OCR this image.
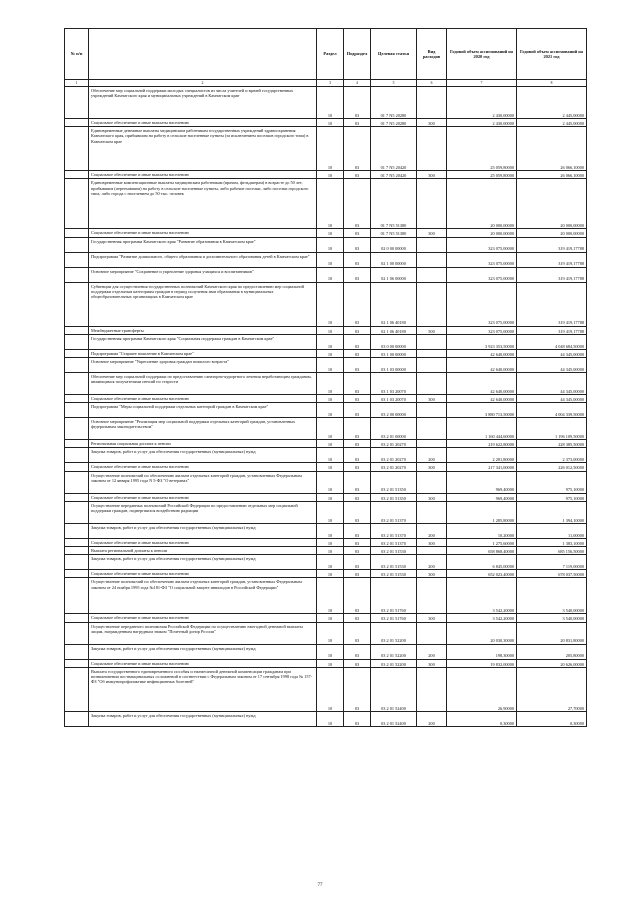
№ п/п		Раздел	Подраздел	Целевая статья	Вид расходов	Годовой объем ассигнований на 2020 год	Годовой объем ассигнований на 2021 год
1	2	3	4	5	6	7	8
	Обеспечение мер социальной поддержки молодых специалистов из числа учителей и врачей государственных учреждений Камчатского края и муниципальных учреждений в Камчатском крае	10	03	01 7 N5 20280		2 430,00000	2 445,00000
	Социальное обеспечение и иные выплаты населению	10	03	01 7 N5 20280	300	2 430,00000	2 445,00000
	Единовременные денежные выплаты медицинским работникам государственных учреждений здравоохранения Камчатского края, прибывшим на работу в сельские населенные пункты (за исключением поселков городского типа) в Камчатском крае	10	03	01 7 N5 20420		25 059,80000	26 066,10000
	Социальное обеспечение и иные выплаты населению	10	03	01 7 N5 20420	300	25 059,80000	26 066,10000
	Единовременные компенсационные выплаты медицинским работникам (врачам, фельдшерам) в возрасте до 50 лет, прибывшим (переехавшим) на работу в сельские населенные пункты, либо рабочие поселки, либо поселки городского типа, либо города с населением до 50 тыс. человек	10	03	01 7 N5 51380		20 000,00000	20 000,00000
	Социальное обеспечение и иные выплаты населению	10	03	01 7 N5 51380	300	20 000,00000	20 000,00000
	Государственная программа Камчатского края "Развитие образования в Камчатском крае"	10	03	02 0 00 00000		323 075,00000	319 419,17788
	Подпрограмма "Развитие дошкольного, общего образования и дополнительного образования детей в Камчатском крае"	10	03	02 1 00 00000		323 075,00000	319 419,17788
	Основное мероприятие "Сохранение и укрепление здоровья учащихся и воспитанников"	10	03	02 1 06 00000		323 075,00000	319 419,17788
	Субвенции для осуществления государственных полномочий Камчатского края по предоставлению мер социальной поддержки отдельным категориям граждан в период получения ими образования в муниципальных общеобразовательных организациях в Камчатском крае	10	03	02 1 06 40180		323 075,00000	319 419,17788
	Межбюджетные трансферты	10	03	02 1 06 40180	500	323 075,00000	319 419,17788
	Государственная программа Камчатского края "Социальная поддержка граждан в Камчатском крае"	10	03	03 0 00 00000		3 923 353,50000	4 048 684,50000
	Подпрограмма "Старшее поколение в Камчатском крае"	10	03	03 1 00 00000		42 640,00000	44 345,00000
	Основное мероприятие "Укрепление здоровья граждан пожилого возраста"	10	03	03 1 03 00000		42 640,00000	44 345,00000
	Обеспечение мер социальной поддержки по предоставлению санаторно-курортного лечения неработающим гражданам, являющимся получателями пенсий по старости	10	03	03 1 03 20070		42 640,00000	44 345,00000
	Социальное обеспечение и иные выплаты населению	10	03	03 1 03 20070	300	42 640,00000	44 345,00000
	Подпрограмма "Меры социальной поддержки отдельных категорий граждан в Камчатском крае"	10	03	03 2 00 00000		3 880 713,50000	4 004 339,50000
	Основное мероприятие "Реализация мер социальной поддержки отдельных категорий граждан, установленных федеральным законодательством"	10	03	03 2 01 00000		1 160 444,60000	1 196 109,50000
	Региональная социальная доплата к пенсии	10	03	03 2 01 20270		219 622,80000	228 385,50000
	Закупка товаров, работ и услуг для обеспечения государственных (муниципальных) нужд	10	03	03 2 01 20270	200	2 281,80000	2 373,00000
	Социальное обеспечение и иные выплаты населению	10	03	03 2 01 20270	300	217 341,00000	226 012,50000
	Осуществление полномочий по обеспечению жильем отдельных категорий граждан, установленных Федеральным законом от 12 января 1995 года N 5-ФЗ "О ветеранах"	10	03	03 2 01 51350		969,40000	975,10000
	Социальное обеспечение и иные выплаты населению	10	03	03 2 01 51350	300	969,40000	975,10000
	Осуществление переданных полномочий Российской Федерации по предоставлению отдельных мер социальной поддержки граждан, подвергшихся воздействию радиации	10	03	03 2 01 51370		1 285,80000	1 394,10000
	Закупка товаров, работ и услуг для обеспечения государственных (муниципальных) нужд	10	03	03 2 01 51370	200	10,20000	11,00000
	Социальное обеспечение и иные выплаты населению	10	03	03 2 01 51370	300	1 275,60000	1 383,10000
	Выплата региональной доплаты к пенсии	10	03	03 2 01 51530		658 868,40000	685 156,50000
	Закупка товаров, работ и услуг для обеспечения государственных (муниципальных) нужд	10	03	03 2 01 51530	200	6 845,00000	7 119,00000
	Социальное обеспечение и иные выплаты населению	10	03	03 2 01 51530	300	652 023,40000	678 037,50000
	Осуществление полномочий по обеспечению жильем отдельных категорий граждан, установленных Федеральным законом от 24 ноября 1995 года №181-ФЗ "О социальной защите инвалидов в Российской Федерации"	10	03	03 2 01 51760		3 542,20000	3 540,00000
	Социальное обеспечение и иные выплаты населению	10	03	03 2 01 51760	300	3 542,20000	3 540,00000
	Осуществление переданного полномочия Российской Федерации по осуществлению ежегодной денежной выплаты лицам, награжденным нагрудным знаком "Почетный донор России"	10	03	03 2 01 52200		20 030,30000	20 831,80000
	Закупка товаров, работ и услуг для обеспечения государственных (муниципальных) нужд	10	03	03 2 01 52200	200	198,30000	205,80000
	Социальное обеспечение и иные выплаты населению	10	03	03 2 01 52200	300	19 832,00000	20 626,00000
	Выплата государственного единовременного пособия и ежемесячной денежной компенсации гражданам при возникновении поствакцинальных осложнений в соответствии с Федеральным законом от 17 сентября 1998 года № 157-ФЗ "Об иммунопрофилактике инфекционных болезней"	10	03	03 2 01 52400		26,90000	27,70000
	Закупка товаров, работ и услуг для обеспечения государственных (муниципальных) нужд	10	03	03 2 01 52400	200	0,30000	0,30000
77
